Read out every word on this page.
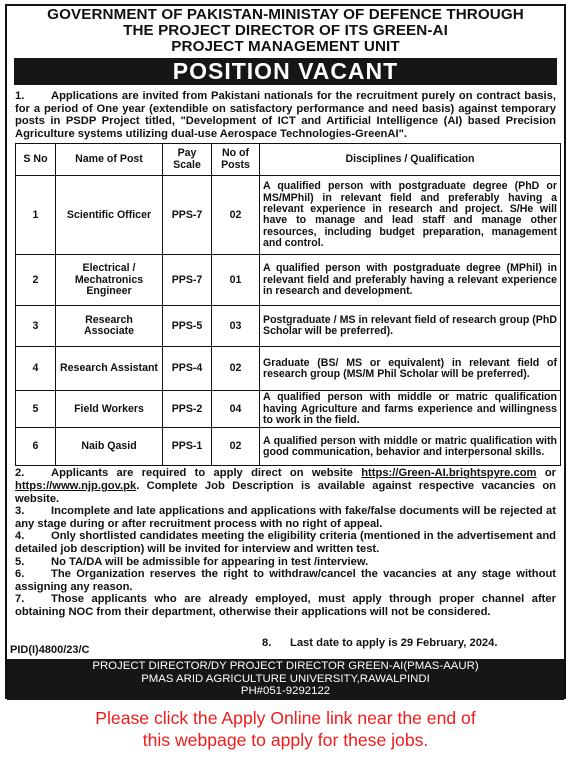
GOVERNMENT OF PAKISTAN-MINISTAY OF DEFENCE THROUGH
THE PROJECT DIRECTOR OF ITS GREEN-AI
PROJECT MANAGEMENT UNIT
POSITION VACANT

1. Applications are invited from Pakistani nationals for the recruitment purely on contract basis, for a period of One year (extendible on satisfactory performance and need basis) against temporary posts in PSDP Project titled, "Development of ICT and Artificial Intelligence (AI) based Precision Agriculture systems utilizing dual-use Aerospace Technologies-GreenAI".

S No	Name of Post	Pay Scale	No of Posts	Disciplines / Qualification
1	Scientific Officer	PPS-7	02	A qualified person with postgraduate degree (PhD or MS/MPhil) in relevant field and preferably having a relevant experience in research and project. S/He will have to manage and lead staff and manage other resources, including budget preparation, management and control.
2	Electrical / Mechatronics Engineer	PPS-7	01	A qualified person with postgraduate degree (MPhil) in relevant field and preferably having a relevant experience in research and development.
3	Research Associate	PPS-5	03	Postgraduate / MS in relevant field of research group (PhD Scholar will be preferred).
4	Research Assistant	PPS-4	02	Graduate (BS/ MS or equivalent) in relevant field of research group (MS/M Phil Scholar will be preferred).
5	Field Workers	PPS-2	04	A qualified person with middle or matric qualification having Agriculture and farms experience and willingness to work in the field.
6	Naib Qasid	PPS-1	02	A qualified person with middle or matric qualification with good communication, behavior and interpersonal skills.

2. Applicants are required to apply direct on website https://Green-AI.brightspyre.com or https://www.njp.gov.pk. Complete Job Description is available against respective vacancies on website.

3. Incomplete and late applications and applications with fake/false documents will be rejected at any stage during or after recruitment process with no right of appeal.

4. Only shortlisted candidates meeting the eligibility criteria (mentioned in the advertisement and detailed job description) will be invited for interview and written test.

5. No TA/DA will be admissible for appearing in test /interview.

6. The Organization reserves the right to withdraw/cancel the vacancies at any stage without assigning any reason.

7. Those applicants who are already employed, must apply through proper channel after obtaining NOC from their department, otherwise their applications will not be considered.

8. Last date to apply is 29 February, 2024.
PID(I)4800/23/C
PROJECT DIRECTOR/DY PROJECT DIRECTOR GREEN-AI(PMAS-AAUR)
PMAS ARID AGRICULTURE UNIVERSITY,RAWALPINDI
PH#051-9292122
Please click the Apply Online link near the end of
this webpage to apply for these jobs.
